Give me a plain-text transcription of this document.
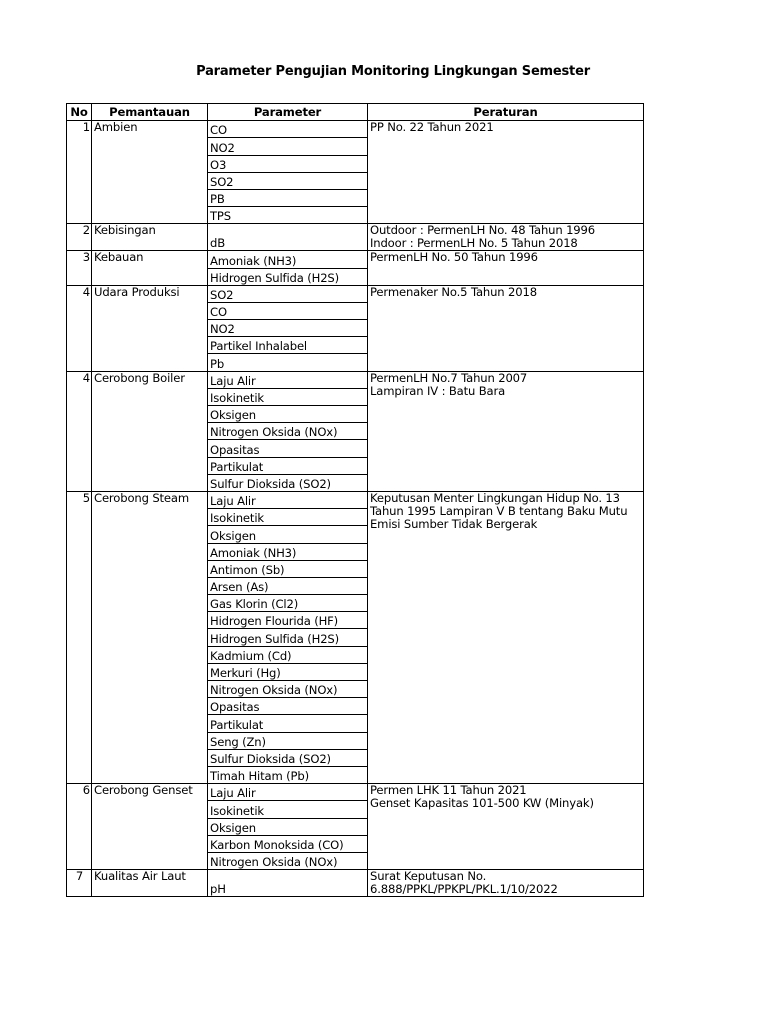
Parameter Pengujian Monitoring Lingkungan Semester
No	Pemantauan	Parameter	Peraturan
1	Ambien	CO	PP No. 22 Tahun 2021
		NO2	
		O3	
		SO2	
		PB	
		TPS	
2	Kebisingan	dB	Outdoor : PermenLH No. 48 Tahun 1996
Indoor : PermenLH No. 5 Tahun 2018
3	Kebauan	Amoniak (NH3)	PermenLH No. 50 Tahun 1996
		Hidrogen Sulfida (H2S)	
4	Udara Produksi	SO2	Permenaker No.5 Tahun 2018
		CO	
		NO2	
		Partikel Inhalabel	
		Pb	
4	Cerobong Boiler	Laju Alir	PermenLH No.7 Tahun 2007
Lampiran IV : Batu Bara
		Isokinetik	
		Oksigen	
		Nitrogen Oksida (NOx)	
		Opasitas	
		Partikulat	
		Sulfur Dioksida (SO2)	
5	Cerobong Steam	Laju Alir	Keputusan Menter Lingkungan Hidup No. 13 Tahun 1995 Lampiran V B tentang Baku Mutu Emisi Sumber Tidak Bergerak
		Isokinetik	
		Oksigen	
		Amoniak (NH3)	
		Antimon (Sb)	
		Arsen (As)	
		Gas Klorin (Cl2)	
		Hidrogen Flourida (HF)	
		Hidrogen Sulfida (H2S)	
		Kadmium (Cd)	
		Merkuri (Hg)	
		Nitrogen Oksida (NOx)	
		Opasitas	
		Partikulat	
		Seng (Zn)	
		Sulfur Dioksida (SO2)	
		Timah Hitam (Pb)	
6	Cerobong Genset	Laju Alir	Permen LHK 11 Tahun 2021
Genset Kapasitas 101-500 KW (Minyak)
		Isokinetik	
		Oksigen	
		Karbon Monoksida (CO)	
		Nitrogen Oksida (NOx)	
7	Kualitas Air Laut	pH	Surat Keputusan No.
6.888/PPKL/PPKPL/PKL.1/10/2022
